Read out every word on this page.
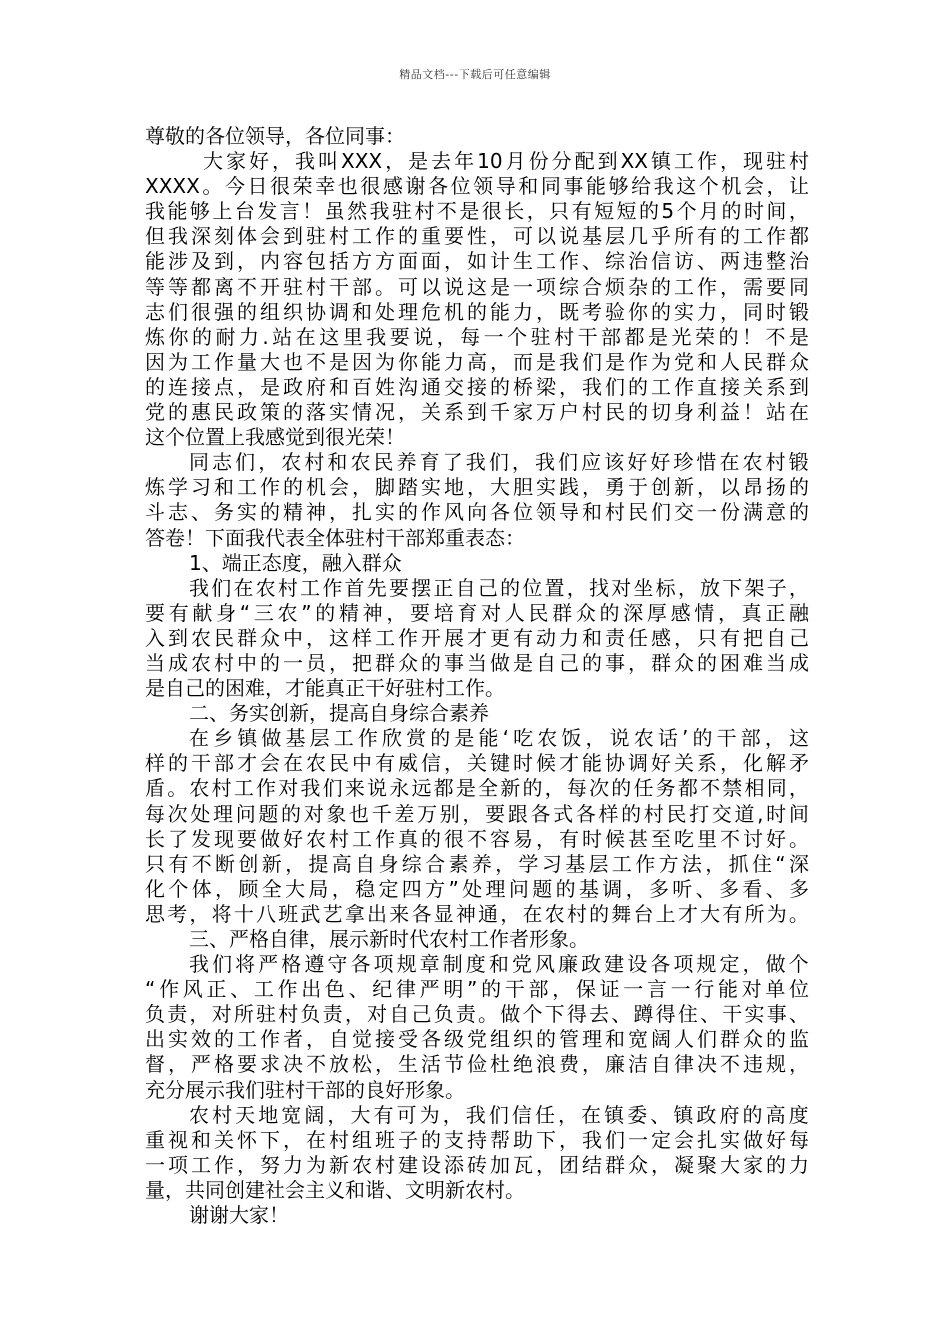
精品文档---下载后可任意编辑
尊敬的各位领导，各位同事：
大 家 好 ， 我 叫 XXX ， 是 去 年 10 月 份 分 配 到 XX 镇 工 作 ， 现 驻 村
XXXX 。 今 日 很 荣 幸 也 很 感 谢 各 位 领 导 和 同 事 能 够 给 我 这 个 机 会 ， 让
我 能 够 上 台 发 言 ！ 虽 然 我 驻 村 不 是 很 长 ， 只 有 短 短 的 5 个 月 的 时 间 ，
但 我 深 刻 体 会 到 驻 村 工 作 的 重 要 性 ， 可 以 说 基 层 几 乎 所 有 的 工 作 都
能 涉 及 到 ， 内 容 包 括 方 方 面 面 ， 如 计 生 工 作 、 综 治 信 访 、 两 违 整 治
等 等 都 离 不 开 驻 村 干 部 。 可 以 说 这 是 一 项 综 合 烦 杂 的 工 作 ， 需 要 同
志 们 很 强 的 组 织 协 调 和 处 理 危 机 的 能 力 ， 既 考 验 你 的 实 力 ， 同 时 锻
炼 你 的 耐 力 . 站 在 这 里 我 要 说 ， 每 一 个 驻 村 干 部 都 是 光 荣 的 ！ 不 是
因 为 工 作 量 大 也 不 是 因 为 你 能 力 高 ， 而 是 我 们 是 作 为 党 和 人 民 群 众
的 连 接 点 ， 是 政 府 和 百 姓 沟 通 交 接 的 桥 梁 ， 我 们 的 工 作 直 接 关 系 到
党 的 惠 民 政 策 的 落 实 情 况 ， 关 系 到 千 家 万 户 村 民 的 切 身 利 益 ！ 站 在
这个位置上我感觉到很光荣！
同 志 们 ， 农 村 和 农 民 养 育 了 我 们 ， 我 们 应 该 好 好 珍 惜 在 农 村 锻
炼 学 习 和 工 作 的 机 会 ， 脚 踏 实 地 ， 大 胆 实 践 ， 勇 于 创 新 ， 以 昂 扬 的
斗 志 、 务 实 的 精 神 ， 扎 实 的 作 风 向 各 位 领 导 和 村 民 们 交 一 份 满 意 的
答卷！下面我代表全体驻村干部郑重表态：
1、端正态度，融入群众
我 们 在 农 村 工 作 首 先 要 摆 正 自 己 的 位 置 ， 找 对 坐 标 ， 放 下 架 子 ，
要 有 献 身 “ 三 农 ” 的 精 神 ， 要 培 育 对 人 民 群 众 的 深 厚 感 情 ， 真 正 融
入 到 农 民 群 众 中 ， 这 样 工 作 开 展 才 更 有 动 力 和 责 任 感 ， 只 有 把 自 己
当 成 农 村 中 的 一 员 ， 把 群 众 的 事 当 做 是 自 己 的 事 ， 群 众 的 困 难 当 成
是自己的困难，才能真正干好驻村工作。
二、务实创新，提高自身综合素养
在 乡 镇 做 基 层 工 作 欣 赏 的 是 能 ‘ 吃 农 饭 ， 说 农 话 ’ 的 干 部 ， 这
样 的 干 部 才 会 在 农 民 中 有 威 信 ， 关 键 时 候 才 能 协 调 好 关 系 ， 化 解 矛
盾 。 农 村 工 作 对 我 们 来 说 永 远 都 是 全 新 的 ， 每 次 的 任 务 都 不 禁 相 同 ，
每 次 处 理 问 题 的 对 象 也 千 差 万 别 ， 要 跟 各 式 各 样 的 村 民 打 交 道 , 时 间
长 了 发 现 要 做 好 农 村 工 作 真 的 很 不 容 易 ， 有 时 候 甚 至 吃 里 不 讨 好 。
只 有 不 断 创 新 ， 提 高 自 身 综 合 素 养 ， 学 习 基 层 工 作 方 法 ， 抓 住 “ 深
化 个 体 ， 顾 全 大 局 ， 稳 定 四 方 ” 处 理 问 题 的 基 调 ， 多 听 、 多 看 、 多
思 考 ， 将 十 八 班 武 艺 拿 出 来 各 显 神 通 ， 在 农 村 的 舞 台 上 才 大 有 所 为 。
三、严格自律，展示新时代农村工作者形象。
我 们 将 严 格 遵 守 各 项 规 章 制 度 和 党 风 廉 政 建 设 各 项 规 定 ， 做 个
“ 作 风 正 、 工 作 出 色 、 纪 律 严 明 ” 的 干 部 ， 保 证 一 言 一 行 能 对 单 位
负 责 ， 对 所 驻 村 负 责 ， 对 自 己 负 责 。 做 个 下 得 去 、 蹲 得 住 、 干 实 事 、
出 实 效 的 工 作 者 ， 自 觉 接 受 各 级 党 组 织 的 管 理 和 宽 阔 人 们 群 众 的 监
督 ， 严 格 要 求 决 不 放 松 ， 生 活 节 俭 杜 绝 浪 费 ， 廉 洁 自 律 决 不 违 规 ，
充分展示我们驻村干部的良好形象。
农 村 天 地 宽 阔 ， 大 有 可 为 ， 我 们 信 任 ， 在 镇 委 、 镇 政 府 的 高 度
重 视 和 关 怀 下 ， 在 村 组 班 子 的 支 持 帮 助 下 ， 我 们 一 定 会 扎 实 做 好 每
一 项 工 作 ， 努 力 为 新 农 村 建 设 添 砖 加 瓦 ， 团 结 群 众 ， 凝 聚 大 家 的 力
量，共同创建社会主义和谐、文明新农村。
谢谢大家！
